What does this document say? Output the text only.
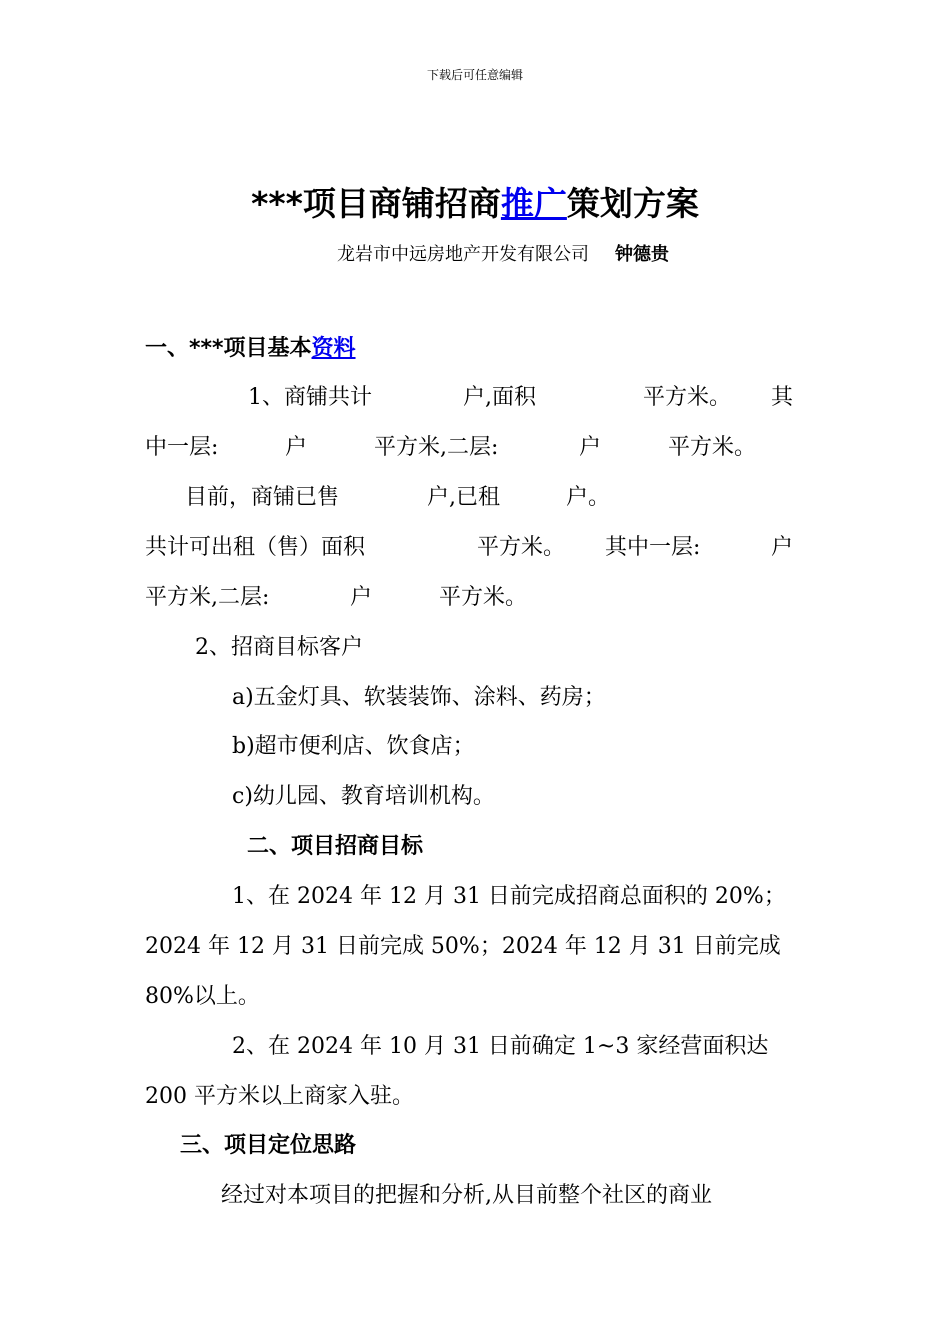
下载后可任意编辑
***项目商铺招商推广策划方案
龙岩市中远房地产开发有限公司 钟德贵
一、***项目基本资料
1、商铺共计	户,面积	平方米。 其
中一层:	户	平方米,二层:	户	平方米。
目前，商铺已售	户,已租	户。
共计可出租（售）面积	平方米。 其中一层:	户
平方米,二层:	户	平方米。
2、招商目标客户
a)五金灯具、软装装饰、涂料、药房；
b)超市便利店、饮食店；
c)幼儿园、教育培训机构。
二、项目招商目标
1、在 2024 年 12 月 31 日前完成招商总面积的 20%；
2024 年 12 月 31 日前完成 50%；2024 年 12 月 31 日前完成
80%以上。
2、在 2024 年 10 月 31 日前确定 1~3 家经营面积达
200 平方米以上商家入驻。
三、项目定位思路
经过对本项目的把握和分析,从目前整个社区的商业
